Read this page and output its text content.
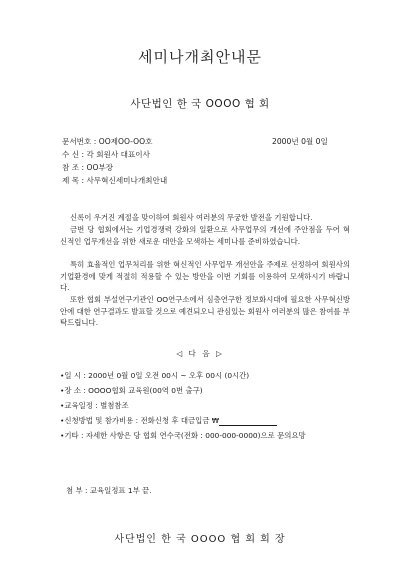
세미나개최안내문
사단법인 한 국 OOOO 협 회
문서번호 : OO제OO-OO호	2000년 0월 0일
수 신 : 각 회원사 대표이사
참 조 : OO부장
제 목 : 사무혁신세미나개최안내
신록이 우거진 계절을 맞이하여 회원사 여러분의 무궁한 발전을 기원합니다.
금번 당 협회에서는 기업경쟁력 강화의 일환으로 사무업무의 개선에 주안점을 두어 혁신적인 업무개선을 위한 새로운 대안을 모색하는 세미나를 준비하였습니다.
특히 효율적인 업무처리를 위한 혁신적인 사무업무 개선안을 주제로 선정하여 회원사의 기업환경에 맞게 적절히 적용할 수 있는 방안을 이번 기회를 이용하여 모색하시기 바랍니다.
또한 협회 부설연구기관인 OO연구소에서 심층연구한 정보화시대에 필요한 사무혁신방안에 대한 연구결과도 발표할 것으로 예견되오니 관심있는 회원사 여러분의 많은 참여를 부탁드립니다.
◁ 다 음 ▷
•일 시 : 2000년 0월 0일 오전 00시 ~ 오후 00시 (0시간)
•장 소 : OOOO협회 교육원(00역 0번 출구)
•교육일정 : 별첨참조
•신청방법 및 참가비용 : 전화신청 후 대금입금 ₩
•기타 : 자세한 사항은 당 협회 연수국(전화 : 000-000-0000)으로 문의요망
첨 부 : 교육일정표 1부 끝.
사단법인 한 국 OOOO 협 회 회 장
